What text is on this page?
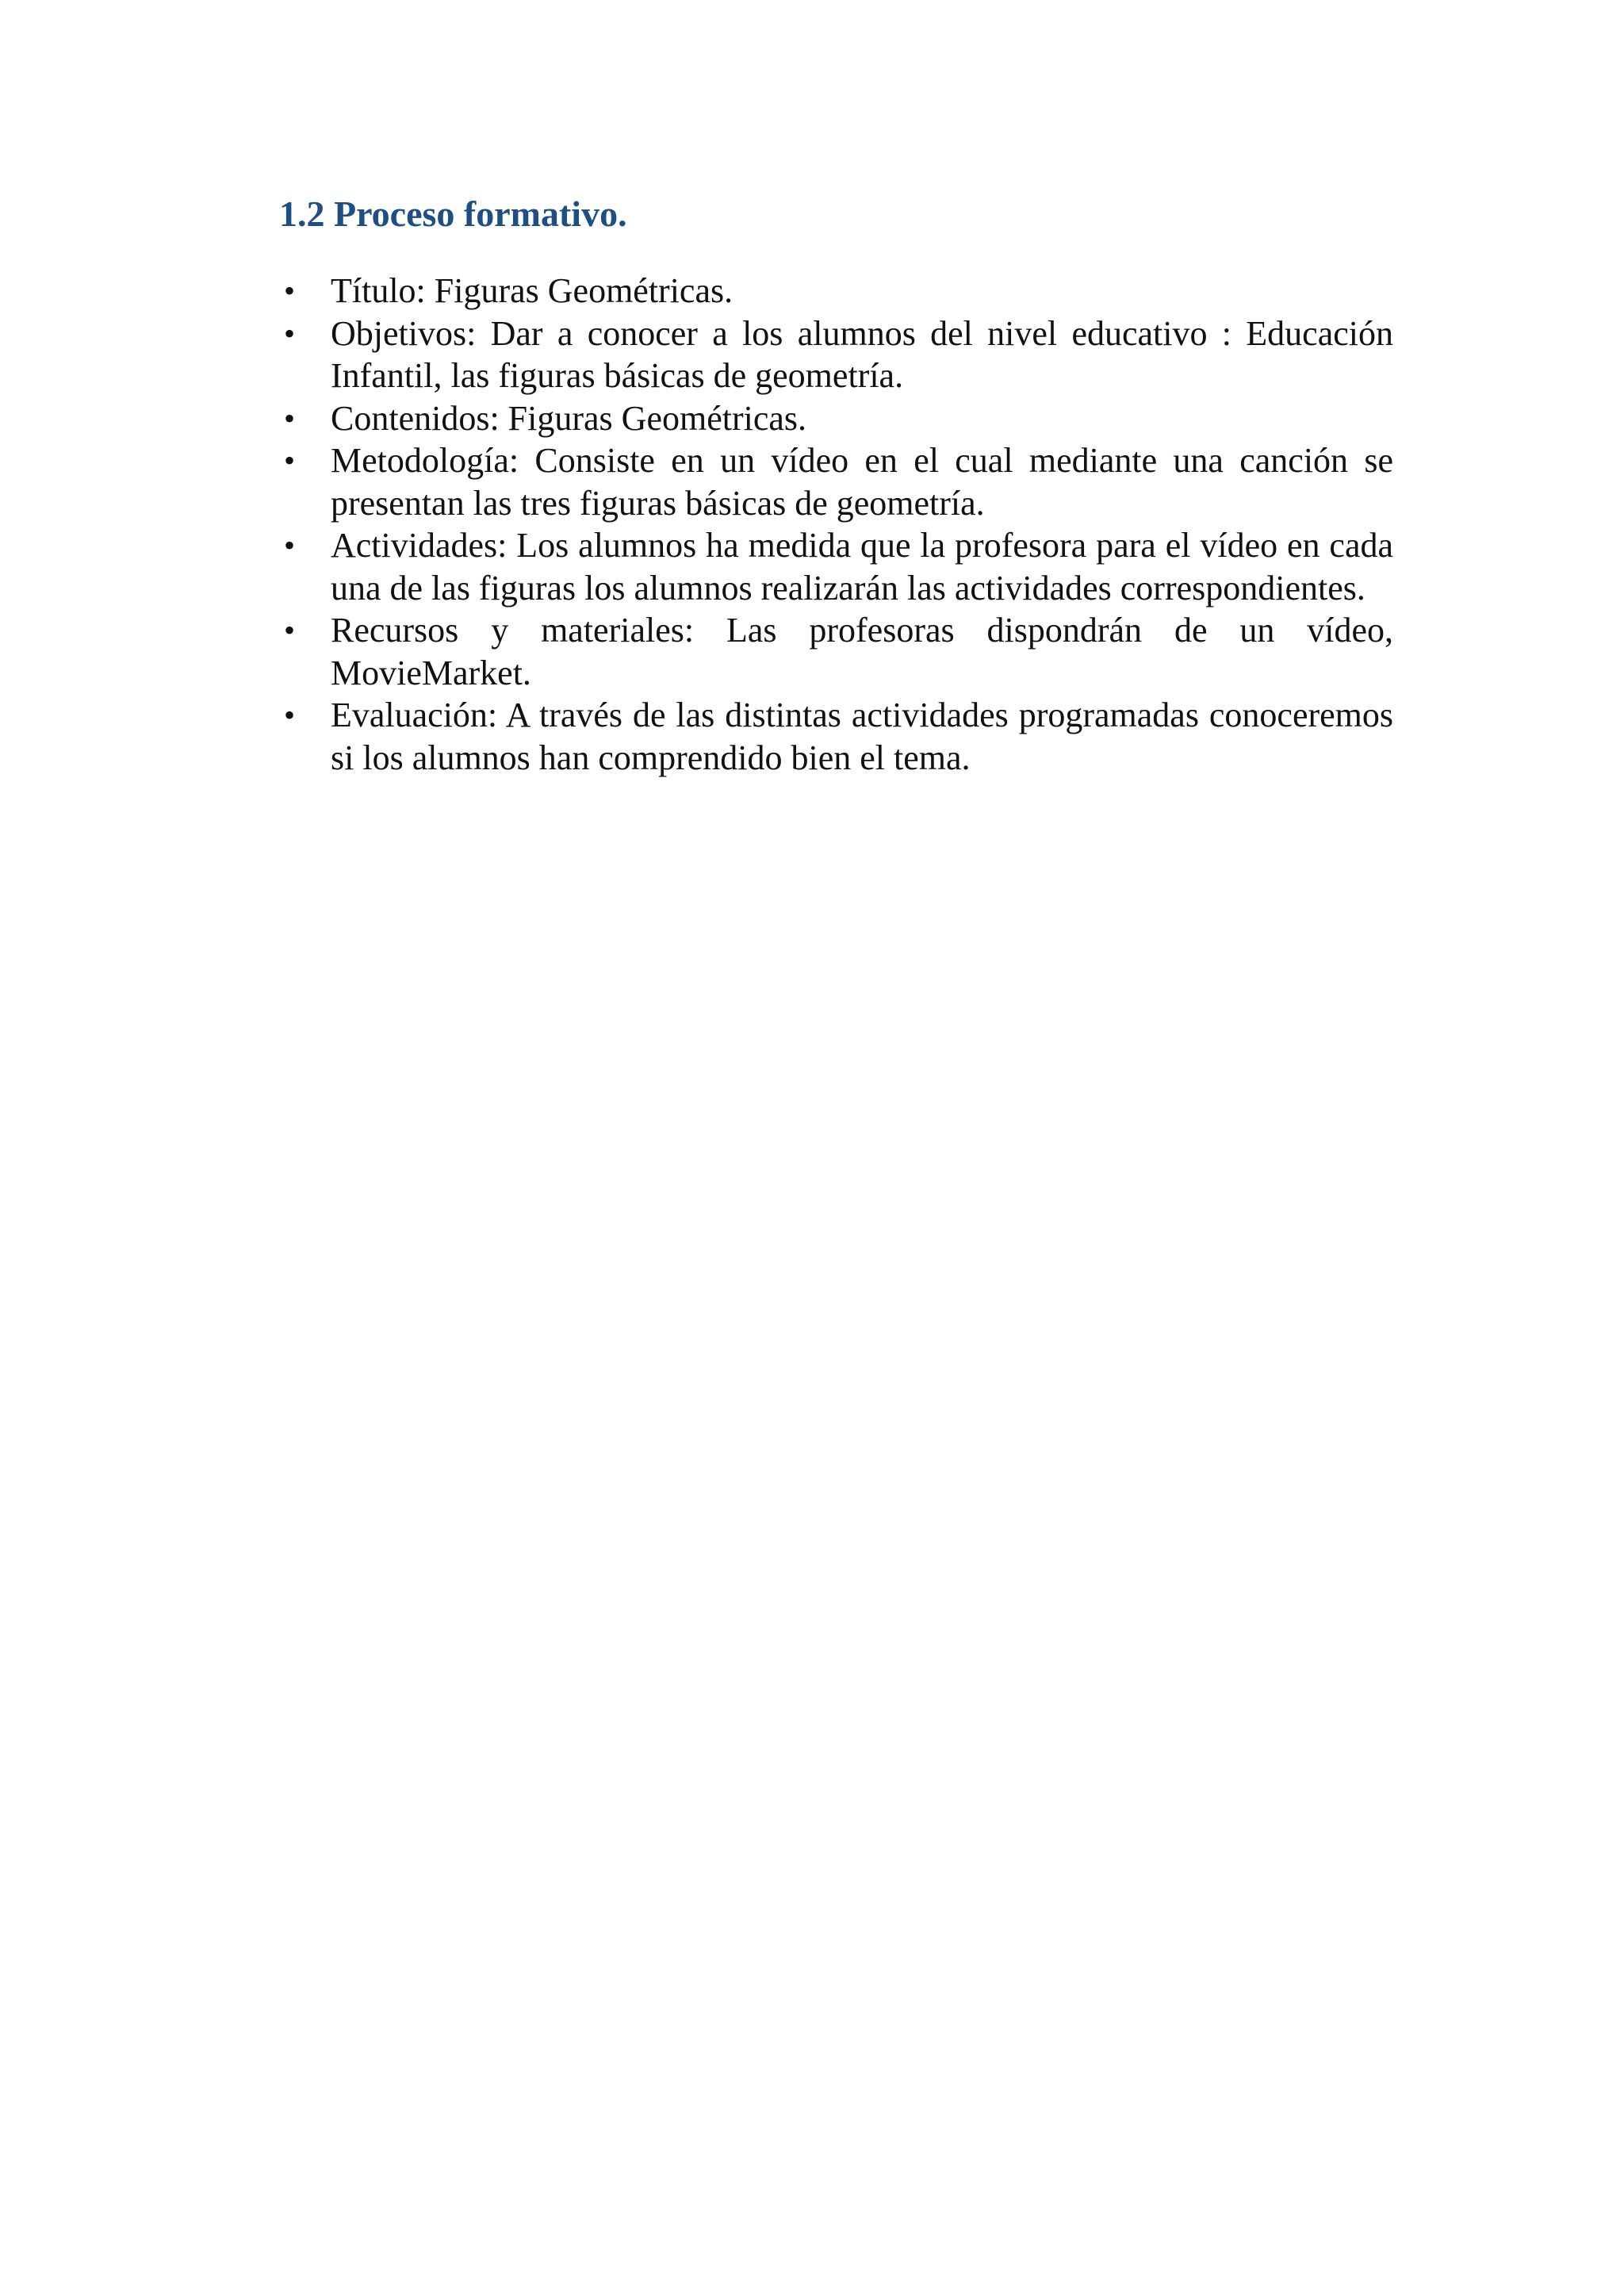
1.2 Proceso formativo.
• Título: Figuras Geométricas.
• Objetivos: Dar a conocer a los alumnos del nivel educativo : Educación Infantil, las figuras básicas de geometría.
• Contenidos: Figuras Geométricas.
• Metodología: Consiste en un vídeo en el cual mediante una canción se presentan las tres figuras básicas de geometría.
• Actividades: Los alumnos ha medida que la profesora para el vídeo en cada una de las figuras los alumnos realizarán las actividades correspondientes.
• Recursos y materiales: Las profesoras dispondrán de un vídeo, MovieMarket.
• Evaluación: A través de las distintas actividades programadas conoceremos si los alumnos han comprendido bien el tema.
